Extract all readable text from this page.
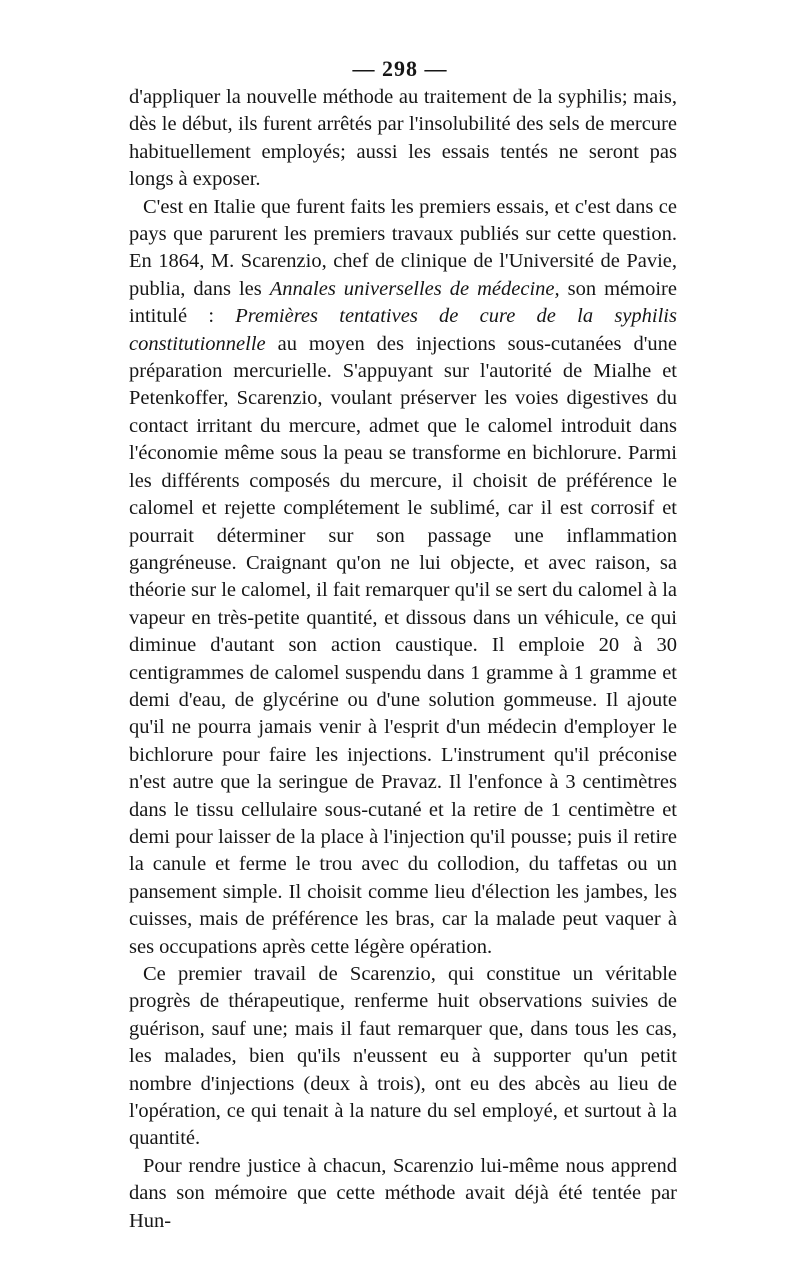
— 298 —

d'appliquer la nouvelle méthode au traitement de la syphilis; mais, dès le début, ils furent arrêtés par l'insolubilité des sels de mercure habituellement employés; aussi les essais tentés ne seront pas longs à exposer.

C'est en Italie que furent faits les premiers essais, et c'est dans ce pays que parurent les premiers travaux publiés sur cette question. En 1864, M. Scarenzio, chef de clinique de l'Université de Pavie, publia, dans les Annales universelles de médecine, son mémoire intitulé : Premières tentatives de cure de la syphilis constitutionnelle au moyen des injections sous-cutanées d'une préparation mercurielle. S'appuyant sur l'autorité de Mialhe et Petenkoffer, Scarenzio, voulant préserver les voies digestives du contact irritant du mercure, admet que le calomel introduit dans l'économie même sous la peau se transforme en bichlorure. Parmi les différents composés du mercure, il choisit de préférence le calomel et rejette complétement le sublimé, car il est corrosif et pourrait déterminer sur son passage une inflammation gangréneuse. Craignant qu'on ne lui objecte, et avec raison, sa théorie sur le calomel, il fait remarquer qu'il se sert du calomel à la vapeur en très-petite quantité, et dissous dans un véhicule, ce qui diminue d'autant son action caustique. Il emploie 20 à 30 centigrammes de calomel suspendu dans 1 gramme à 1 gramme et demi d'eau, de glycérine ou d'une solution gommeuse. Il ajoute qu'il ne pourra jamais venir à l'esprit d'un médecin d'employer le bichlorure pour faire les injections. L'instrument qu'il préconise n'est autre que la seringue de Pravaz. Il l'enfonce à 3 centimètres dans le tissu cellulaire sous-cutané et la retire de 1 centimètre et demi pour laisser de la place à l'injection qu'il pousse; puis il retire la canule et ferme le trou avec du collodion, du taffetas ou un pansement simple. Il choisit comme lieu d'élection les jambes, les cuisses, mais de préférence les bras, car la malade peut vaquer à ses occupations après cette légère opération.

Ce premier travail de Scarenzio, qui constitue un véritable progrès de thérapeutique, renferme huit observations suivies de guérison, sauf une; mais il faut remarquer que, dans tous les cas, les malades, bien qu'ils n'eussent eu à supporter qu'un petit nombre d'injections (deux à trois), ont eu des abcès au lieu de l'opération, ce qui tenait à la nature du sel employé, et surtout à la quantité.

Pour rendre justice à chacun, Scarenzio lui-même nous apprend dans son mémoire que cette méthode avait déjà été tentée par Hun-
